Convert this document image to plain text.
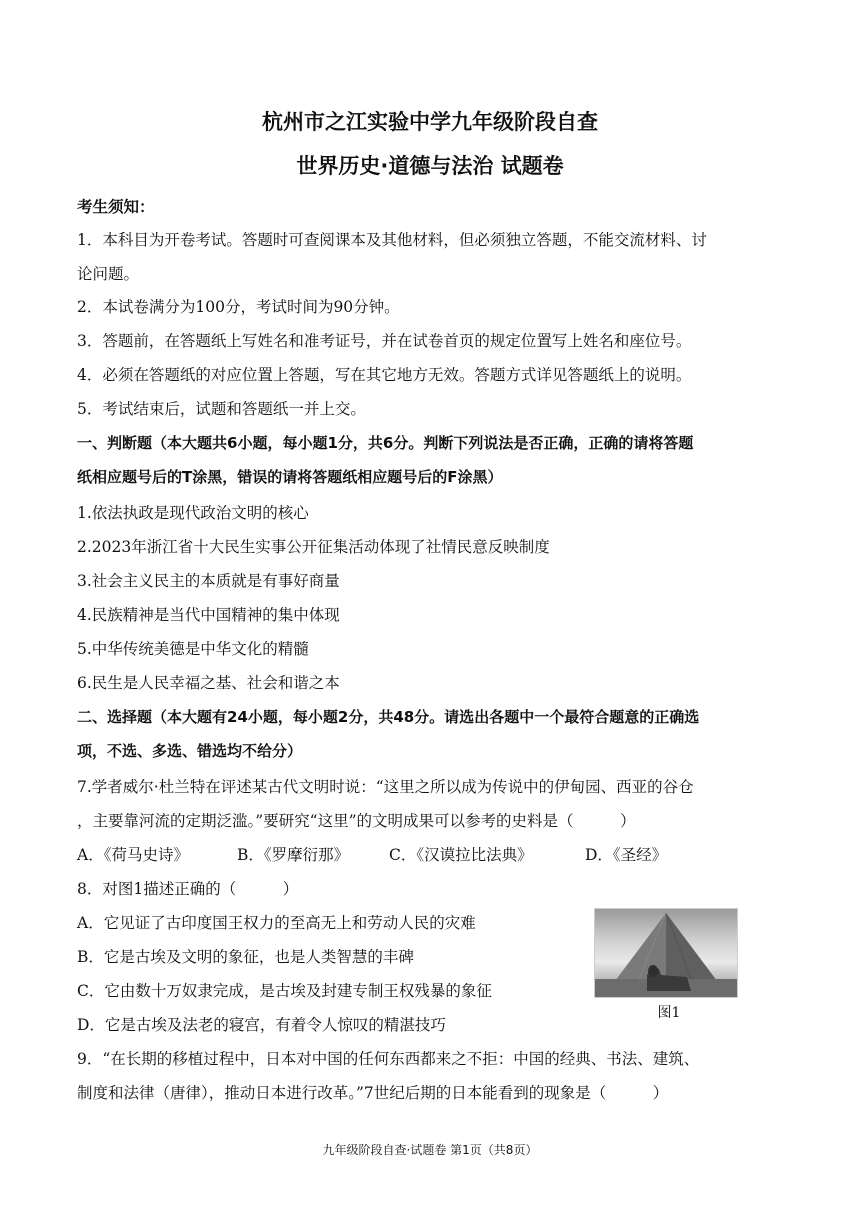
杭州市之江实验中学九年级阶段自查
世界历史·道德与法治 试题卷
考生须知：
1．本科目为开卷考试。答题时可查阅课本及其他材料，但必须独立答题，不能交流材料、讨
论问题。
2．本试卷满分为100分，考试时间为90分钟。
3．答题前，在答题纸上写姓名和准考证号，并在试卷首页的规定位置写上姓名和座位号。
4．必须在答题纸的对应位置上答题，写在其它地方无效。答题方式详见答题纸上的说明。
5．考试结束后，试题和答题纸一并上交。
一、判断题（本大题共6小题，每小题1分，共6分。判断下列说法是否正确，正确的请将答题
纸相应题号后的T涂黑，错误的请将答题纸相应题号后的F涂黑）
1.依法执政是现代政治文明的核心
2.2023年浙江省十大民生实事公开征集活动体现了社情民意反映制度
3.社会主义民主的本质就是有事好商量
4.民族精神是当代中国精神的集中体现
5.中华传统美德是中华文化的精髓
6.民生是人民幸福之基、社会和谐之本
二、选择题（本大题有24小题，每小题2分，共48分。请选出各题中一个最符合题意的正确选
项，不选、多选、错选均不给分）
7.学者威尔·杜兰特在评述某古代文明时说：“这里之所以成为传说中的伊甸园、西亚的谷仓
，主要靠河流的定期泛滥。”要研究“这里”的文明成果可以参考的史料是（　　　）
A．《荷马史诗》	B．《罗摩衍那》	C．《汉谟拉比法典》	D．《圣经》
8．对图1描述正确的（　　　）
A．它见证了古印度国王权力的至高无上和劳动人民的灾难
B．它是古埃及文明的象征，也是人类智慧的丰碑
C．它由数十万奴隶完成，是古埃及封建专制王权残暴的象征
D．它是古埃及法老的寝宫，有着令人惊叹的精湛技巧
图1
9．“在长期的移植过程中，日本对中国的任何东西都来之不拒：中国的经典、书法、建筑、
制度和法律（唐律），推动日本进行改革。”7世纪后期的日本能看到的现象是（　　　）
九年级阶段自查·试题卷 第1页（共8页）
